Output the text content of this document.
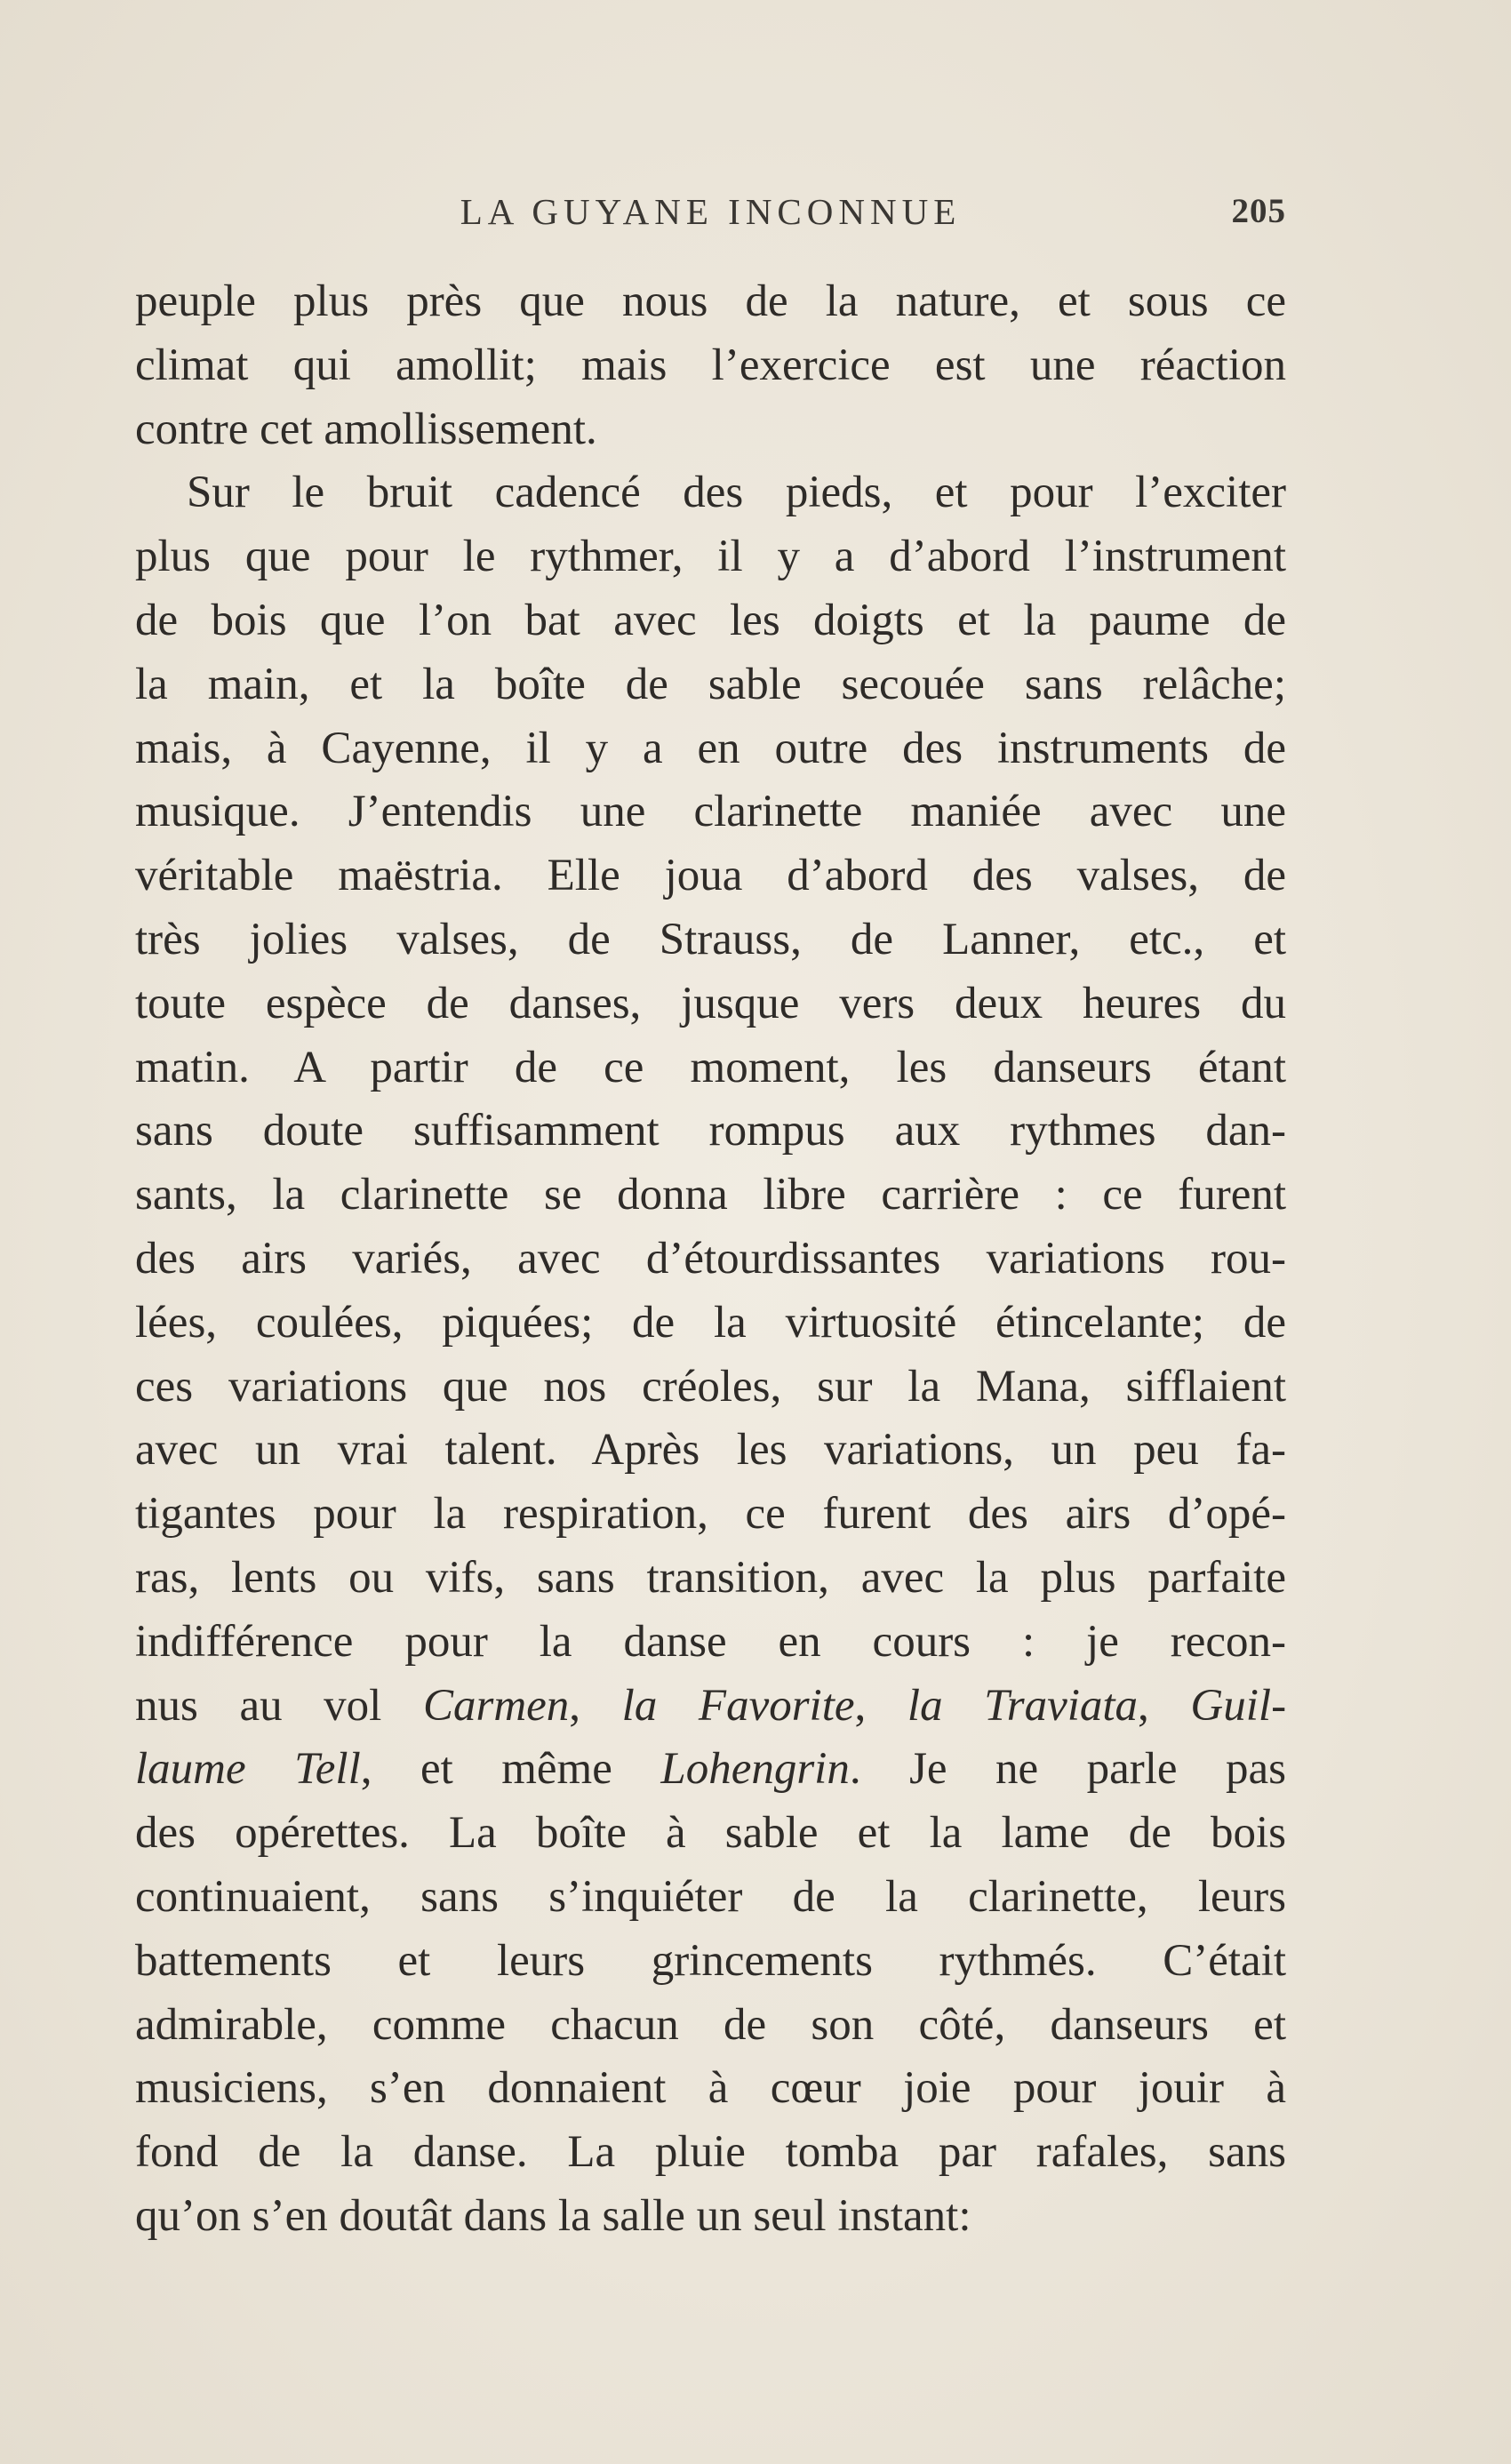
LA GUYANE INCONNUE	205
peuple plus près que nous de la nature, et sous ce
climat qui amollit; mais l’exercice est une réaction
contre cet amollissement.
Sur le bruit cadencé des pieds, et pour l’exciter
plus que pour le rythmer, il y a d’abord l’instrument
de bois que l’on bat avec les doigts et la paume de
la main, et la boîte de sable secouée sans relâche;
mais, à Cayenne, il y a en outre des instruments de
musique. J’entendis une clarinette maniée avec une
véritable maëstria. Elle joua d’abord des valses, de
très jolies valses, de Strauss, de Lanner, etc., et
toute espèce de danses, jusque vers deux heures du
matin. A partir de ce moment, les danseurs étant
sans doute suffisamment rompus aux rythmes dan-
sants, la clarinette se donna libre carrière : ce furent
des airs variés, avec d’étourdissantes variations rou-
lées, coulées, piquées; de la virtuosité étincelante; de
ces variations que nos créoles, sur la Mana, sifflaient
avec un vrai talent. Après les variations, un peu fa-
tigantes pour la respiration, ce furent des airs d’opé-
ras, lents ou vifs, sans transition, avec la plus parfaite
indifférence pour la danse en cours : je recon-
nus au vol Carmen, la Favorite, la Traviata, Guil-
laume Tell, et même Lohengrin. Je ne parle pas
des opérettes. La boîte à sable et la lame de bois
continuaient, sans s’inquiéter de la clarinette, leurs
battements et leurs grincements rythmés. C’était
admirable, comme chacun de son côté, danseurs et
musiciens, s’en donnaient à cœur joie pour jouir à
fond de la danse. La pluie tomba par rafales, sans
qu’on s’en doutât dans la salle un seul instant:
